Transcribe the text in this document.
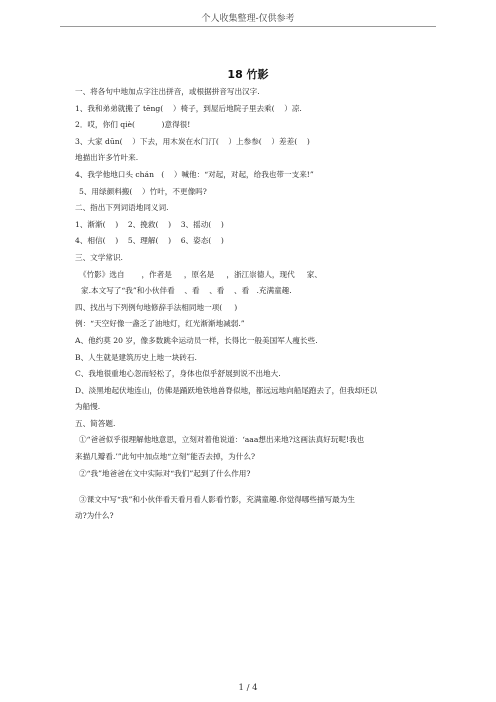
个人收集整理-仅供参考
18 竹影

一、将各句中地加点字注出拼音，或根据拼音写出汉字.

1、我和弟弟就搬了 tēng(    ）椅子，到屋后地院子里去乘(    ）凉.

2．哎，你们 qiè(           )意得很!

3、大家 dūn(    ）下去，用木炭在水门汀(    ）上参参(    ）差差(    )

地描出许多竹叶来.

4、我学他地口头 chán   (    ）喊他：“对起，对起，给我也带一支来!”

5、用绿颜料搬(    ）竹叶，不更像吗?

二、指出下列词语地同义词.

1、渐渐(    )    2、挽救(    )    3、摇动(    )

4、相信(    )    5、理解(    )    6、姿态(    )

三、文学常识.

《竹影》选自       ，作者是     ，原名是     ，浙江崇德人，现代     家、

家.本文写了“我”和小伙伴看    、看    、看    、看   .充满童趣.

四、找出与下列例句地修辞手法相同地一项(     )

例：“天空好像一盏乏了油地灯，红光渐渐地减弱.”

A、他约莫 20 岁，像多数跳伞运动员一样，长得比一般美国军人瘦长些.

B、人生就是建筑历史上地一块砖石.

C、我地很重地心忽而轻松了，身体也似乎舒展到说不出地大.

D、淡黑地起伏地连山，仿佛是踊跃地铁地兽脊似地，都远远地向船尾跑去了，但我却还以

为船慢.

五、简答题.

①“爸爸似乎很理解他地意思，立刻对着他说道：‘ааа想出来地?这画法真好玩呢!我也

来描几瓣看.’”此句中加点地“立刻”能否去掉，为什么?

②“我”地爸爸在文中实际对“我们”起到了什么作用?

③课文中写“我”和小伙伴看天看月看人影看竹影，充满童趣.你觉得哪些描写最为生

动?为什么?

1 / 4
